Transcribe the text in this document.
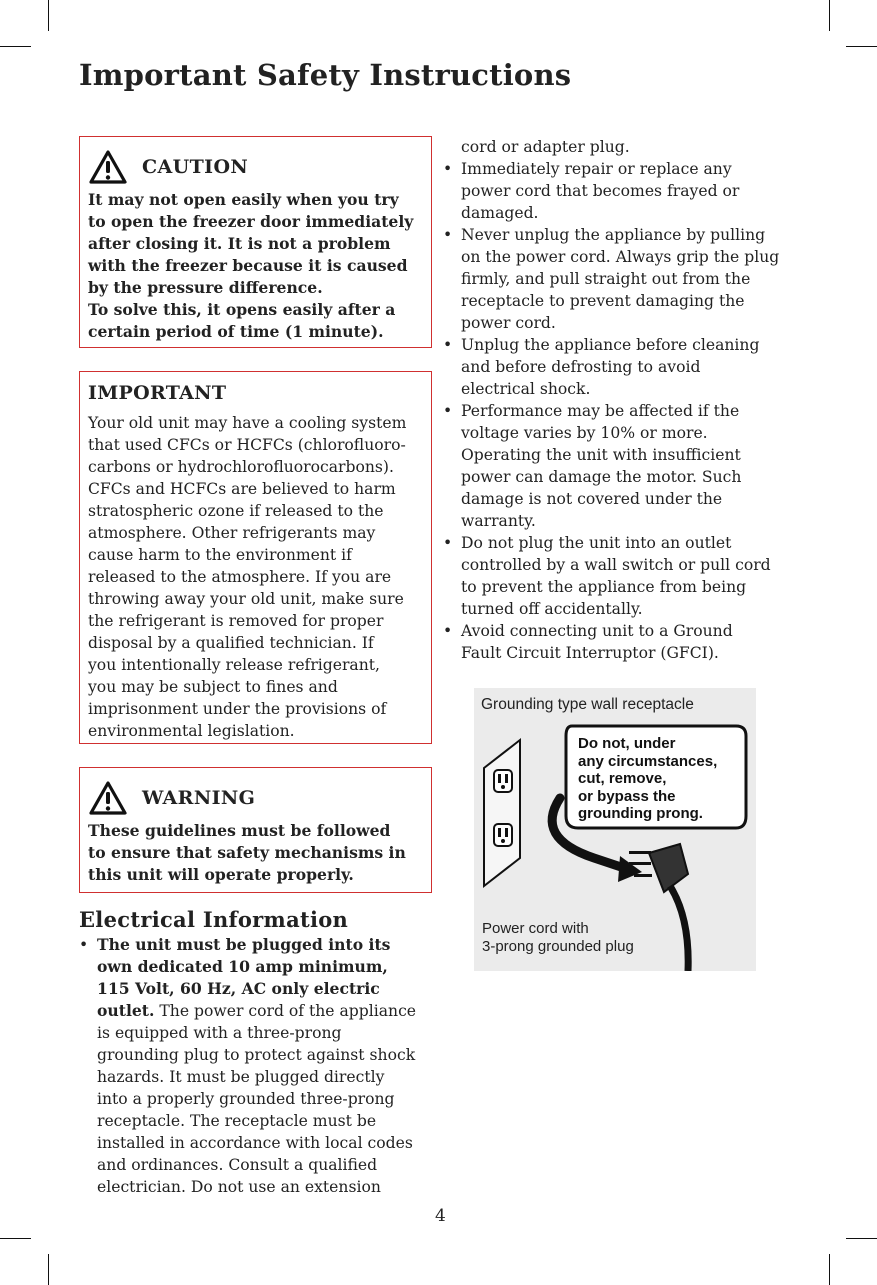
Important Safety Instructions
CAUTION
It may not open easily when you try
to open the freezer door immediately
after closing it. It is not a problem
with the freezer because it is caused
by the pressure difference.
To solve this, it opens easily after a
certain period of time (1 minute).
IMPORTANT
Your old unit may have a cooling system
that used CFCs or HCFCs (chlorofluoro-
carbons or hydrochlorofluorocarbons).
CFCs and HCFCs are believed to harm
stratospheric ozone if released to the
atmosphere. Other refrigerants may
cause harm to the environment if
released to the atmosphere. If you are
throwing away your old unit, make sure
the refrigerant is removed for proper
disposal by a qualified technician. If
you intentionally release refrigerant,
you may be subject to fines and
imprisonment under the provisions of
environmental legislation.
WARNING
These guidelines must be followed
to ensure that safety mechanisms in
this unit will operate properly.
Electrical Information
• The unit must be plugged into its
own dedicated 10 amp minimum,
115 Volt, 60 Hz, AC only electric
outlet. The power cord of the appliance
is equipped with a three-prong
grounding plug to protect against shock
hazards. It must be plugged directly
into a properly grounded three-prong
receptacle. The receptacle must be
installed in accordance with local codes
and ordinances. Consult a qualified
electrician. Do not use an extension
cord or adapter plug.
• Immediately repair or replace any
power cord that becomes frayed or
damaged.
• Never unplug the appliance by pulling
on the power cord. Always grip the plug
firmly, and pull straight out from the
receptacle to prevent damaging the
power cord.
• Unplug the appliance before cleaning
and before defrosting to avoid
electrical shock.
• Performance may be affected if the
voltage varies by 10% or more.
Operating the unit with insufficient
power can damage the motor. Such
damage is not covered under the
warranty.
• Do not plug the unit into an outlet
controlled by a wall switch or pull cord
to prevent the appliance from being
turned off accidentally.
• Avoid connecting unit to a Ground
Fault Circuit Interruptor (GFCI).
Grounding type wall receptacle
Do not, under
any circumstances,
cut, remove,
or bypass the
grounding prong.
Power cord with
3-prong grounded plug
4
